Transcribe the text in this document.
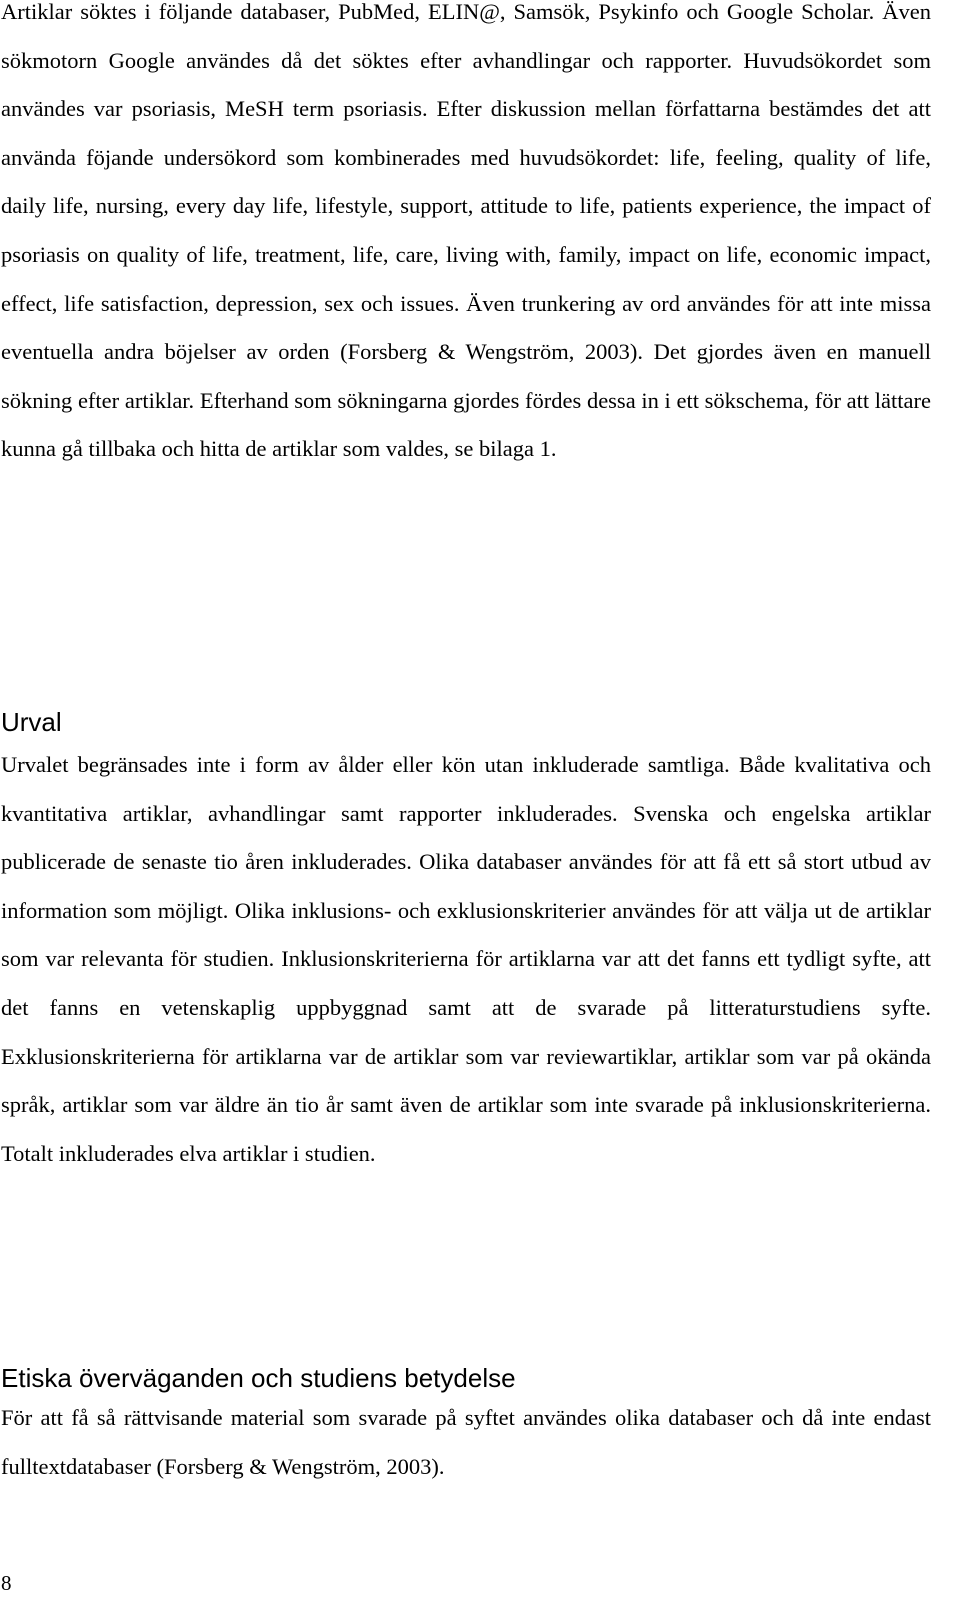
Artiklar söktes i följande databaser, PubMed, ELIN@, Samsök, Psykinfo och Google Scholar. Även sökmotorn Google användes då det söktes efter avhandlingar och rapporter. Huvudsökordet som användes var psoriasis, MeSH term psoriasis. Efter diskussion mellan författarna bestämdes det att använda föjande undersökord som kombinerades med huvudsökordet: life, feeling, quality of life, daily life, nursing, every day life, lifestyle, support, attitude to life, patients experience, the impact of psoriasis on quality of life, treatment, life, care, living with, family, impact on life, economic impact, effect, life satisfaction, depression, sex och issues. Även trunkering av ord användes för att inte missa eventuella andra böjelser av orden (Forsberg & Wengström, 2003). Det gjordes även en manuell sökning efter artiklar. Efterhand som sökningarna gjordes fördes dessa in i ett sökschema, för att lättare kunna gå tillbaka och hitta de artiklar som valdes, se bilaga 1.

Urval

Urvalet begränsades inte i form av ålder eller kön utan inkluderade samtliga. Både kvalitativa och kvantitativa artiklar, avhandlingar samt rapporter inkluderades. Svenska och engelska artiklar publicerade de senaste tio åren inkluderades. Olika databaser användes för att få ett så stort utbud av information som möjligt. Olika inklusions- och exklusionskriterier användes för att välja ut de artiklar som var relevanta för studien. Inklusionskriterierna för artiklarna var att det fanns ett tydligt syfte, att det fanns en vetenskaplig uppbyggnad samt att de svarade på litteraturstudiens syfte. Exklusionskriterierna för artiklarna var de artiklar som var reviewartiklar, artiklar som var på okända språk, artiklar som var äldre än tio år samt även de artiklar som inte svarade på inklusionskriterierna. Totalt inkluderades elva artiklar i studien.

Etiska överväganden och studiens betydelse

För att få så rättvisande material som svarade på syftet användes olika databaser och då inte endast fulltextdatabaser (Forsberg & Wengström, 2003).

8
